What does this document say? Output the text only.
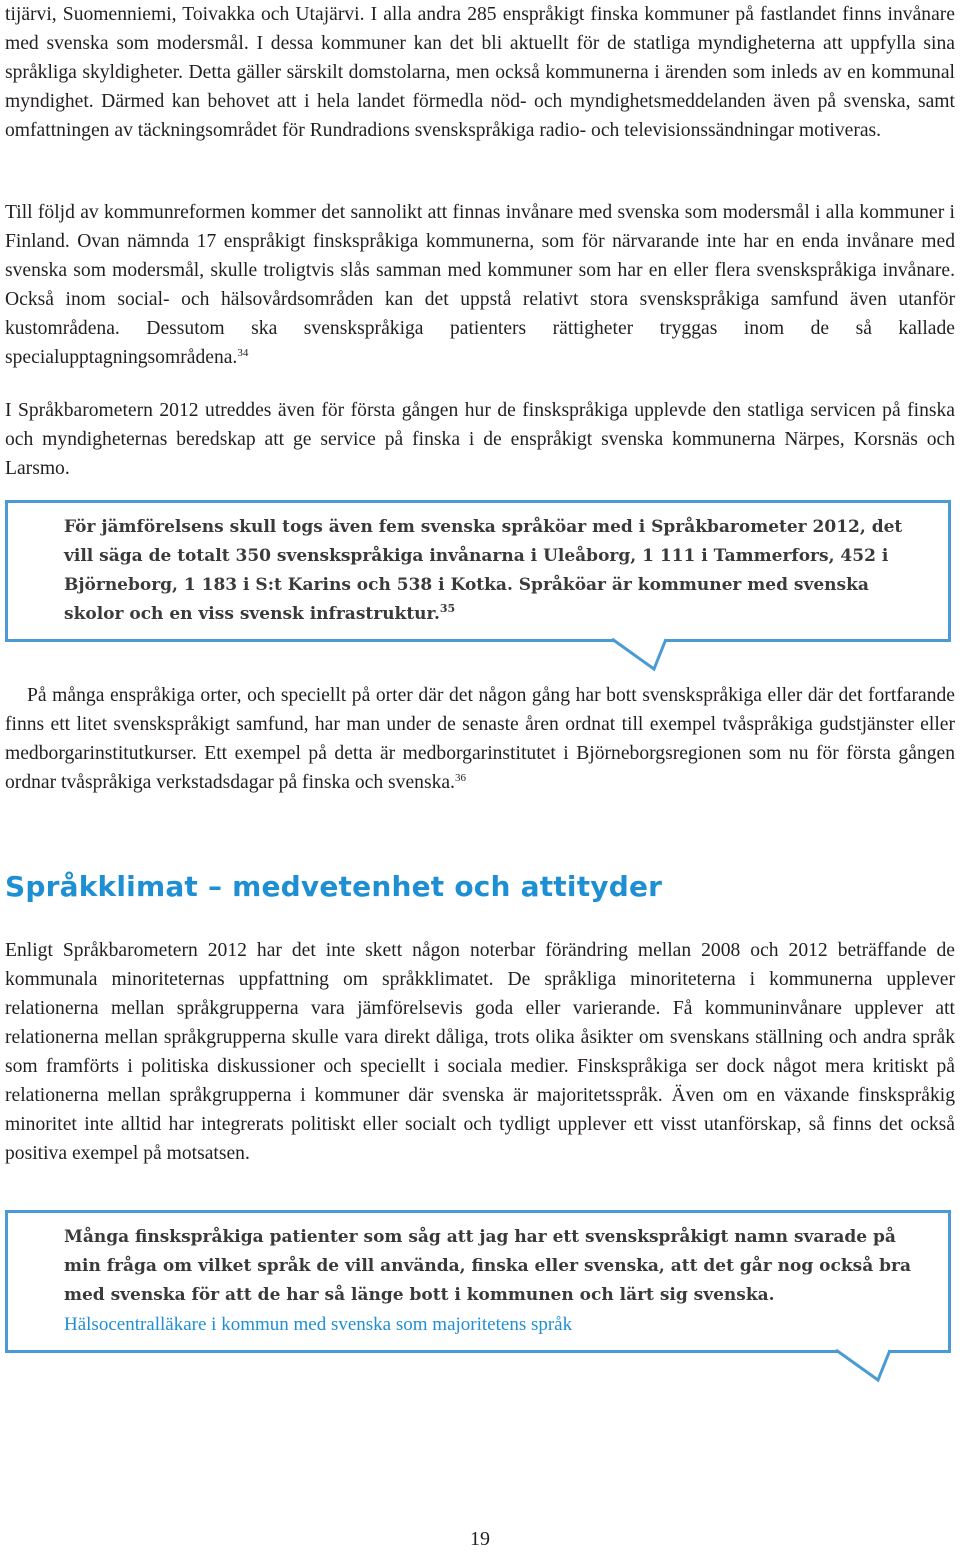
tijärvi, Suomenniemi, Toivakka och Utajärvi. I alla andra 285 enspråkigt finska kommuner på fastlandet finns invånare med svenska som modersmål. I dessa kommuner kan det bli aktuellt för de statliga myndigheterna att uppfylla sina språkliga skyldigheter. Detta gäller särskilt domstolarna, men också kommunerna i ärenden som inleds av en kommunal myndighet. Därmed kan behovet att i hela landet förmedla nöd- och myndighetsmeddelanden även på svenska, samt omfattningen av täckningsområdet för Rundradions svenskspråkiga radio- och televisionssändningar motiveras.

Till följd av kommunreformen kommer det sannolikt att finnas invånare med svenska som modersmål i alla kommuner i Finland. Ovan nämnda 17 enspråkigt finskspråkiga kommunerna, som för närvarande inte har en enda invånare med svenska som modersmål, skulle troligtvis slås samman med kommuner som har en eller flera svenskspråkiga invånare. Också inom social- och hälsovårdsområden kan det uppstå relativt stora svenskspråkiga samfund även utanför kustområdena. Dessutom ska svenskspråkiga patienters rättigheter tryggas inom de så kallade specialupptagningsområdena.$^{34}$

I Språkbarometern 2012 utreddes även för första gången hur de finskspråkiga upplevde den statliga servicen på finska och myndigheternas beredskap att ge service på finska i de enspråkigt svenska kommunerna Närpes, Korsnäs och Larsmo.

För jämförelsens skull togs även fem svenska språköar med i Språkbarometer 2012, det vill säga de totalt 350 svenskspråkiga invånarna i Uleåborg, 1 111 i Tammerfors, 452 i Björneborg, 1 183 i S:t Karins och 538 i Kotka. Språköar är kommuner med svenska skolor och en viss svensk infrastruktur.$^{35}$

På många enspråkiga orter, och speciellt på orter där det någon gång har bott svenskspråkiga eller där det fortfarande finns ett litet svenskspråkigt samfund, har man under de senaste åren ordnat till exempel tvåspråkiga gudstjänster eller medborgarinstitutkurser. Ett exempel på detta är medborgarinstitutet i Björneborgsregionen som nu för första gången ordnar tvåspråkiga verkstadsdagar på finska och svenska.$^{36}$

Språkklimat – medvetenhet och attityder

Enligt Språkbarometern 2012 har det inte skett någon noterbar förändring mellan 2008 och 2012 beträffande de kommunala minoriteternas uppfattning om språkklimatet. De språkliga minoriteterna i kommunerna upplever relationerna mellan språkgrupperna vara jämförelsevis goda eller varierande. Få kommuninvånare upplever att relationerna mellan språkgrupperna skulle vara direkt dåliga, trots olika åsikter om svenskans ställning och andra språk som framförts i politiska diskussioner och speciellt i sociala medier. Finskspråkiga ser dock något mera kritiskt på relationerna mellan språkgrupperna i kommuner där svenska är majoritetsspråk. Även om en växande finskspråkig minoritet inte alltid har integrerats politiskt eller socialt och tydligt upplever ett visst utanförskap, så finns det också positiva exempel på motsatsen.

Många finskspråkiga patienter som såg att jag har ett svenskspråkigt namn svarade på min fråga om vilket språk de vill använda, finska eller svenska, att det går nog också bra med svenska för att de har så länge bott i kommunen och lärt sig svenska.

Hälsocentralläkare i kommun med svenska som majoritetens språk

19
